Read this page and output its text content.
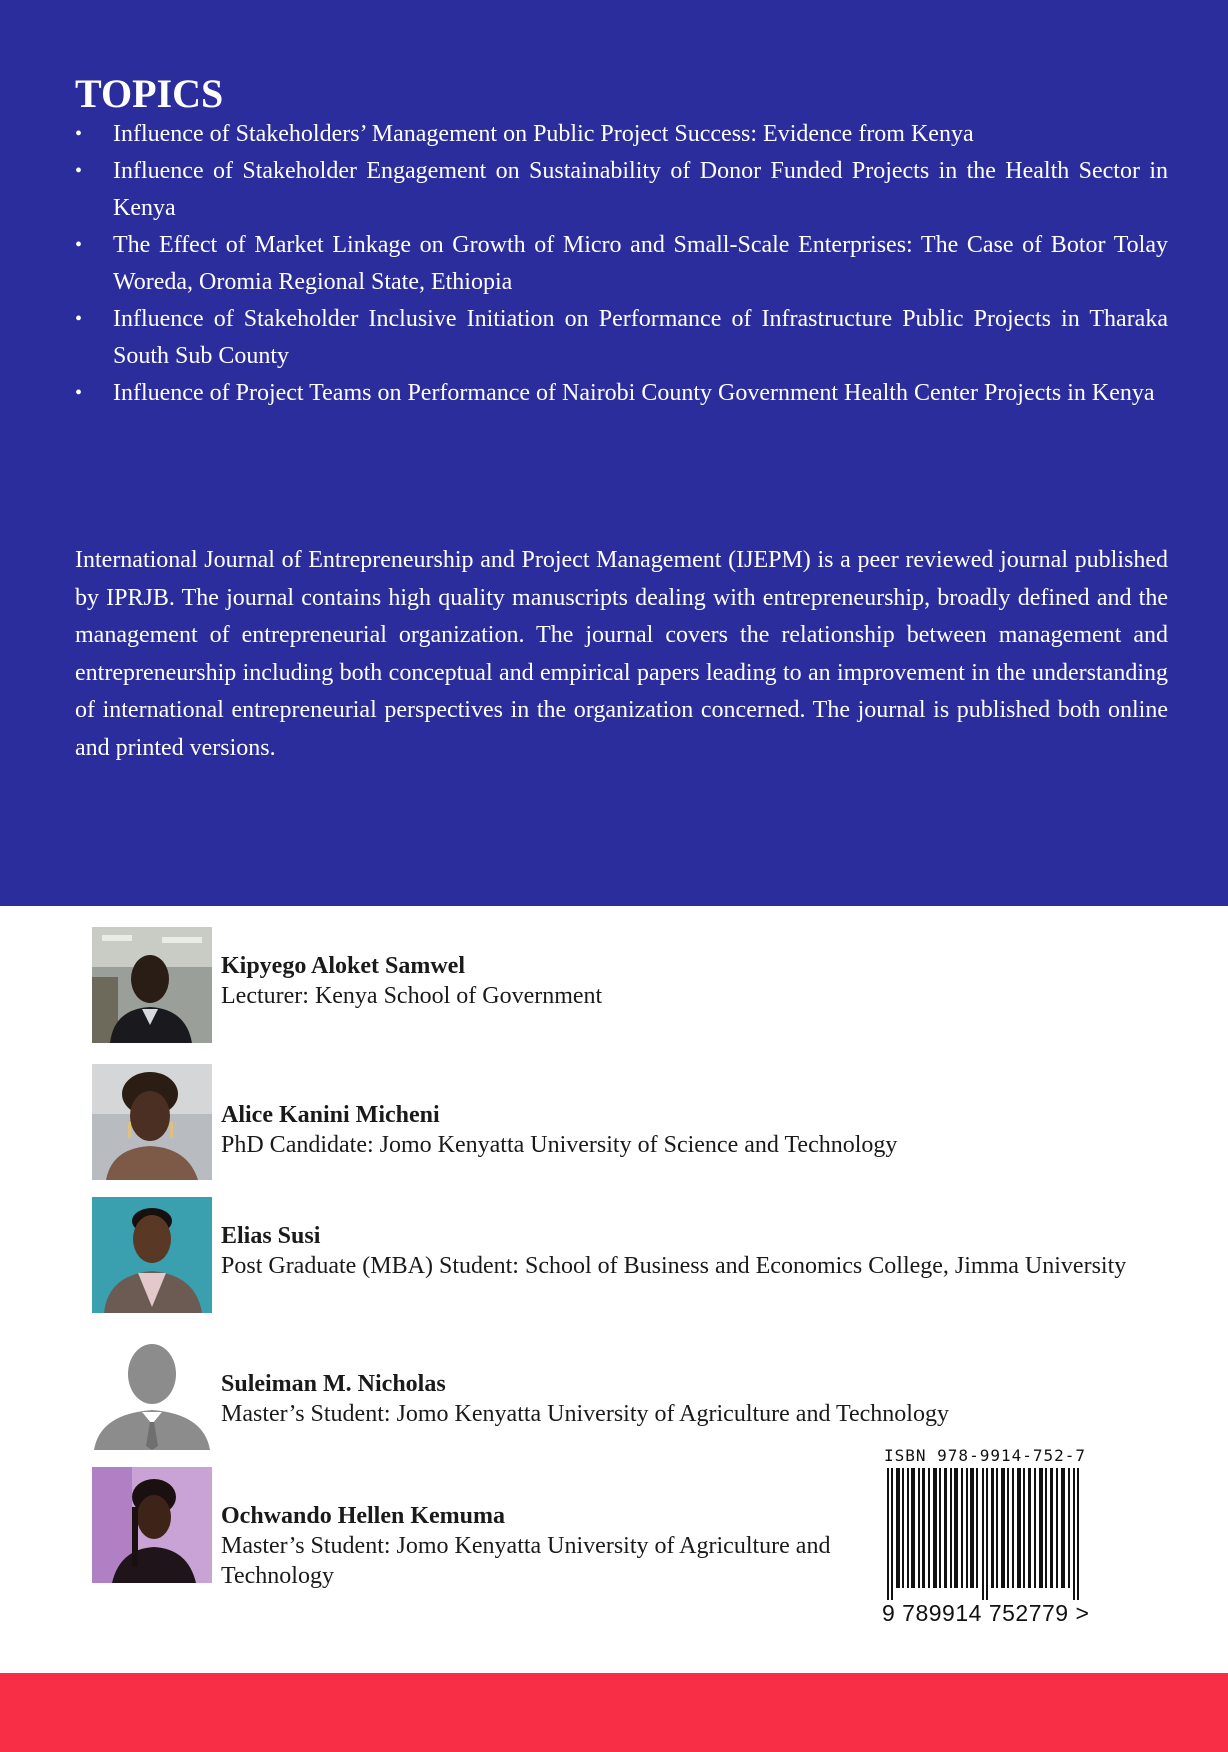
TOPICS
• Influence of Stakeholders’ Management on Public Project Success: Evidence from Kenya
• Influence of Stakeholder Engagement on Sustainability of Donor Funded Projects in the Health Sector in Kenya
• The Effect of Market Linkage on Growth of Micro and Small-Scale Enterprises: The Case of Botor Tolay Woreda, Oromia Regional State, Ethiopia
• Influence of Stakeholder Inclusive Initiation on Performance of Infrastructure Public Projects in Tharaka South Sub County
• Influence of Project Teams on Performance of Nairobi County Government Health Center Projects in Kenya

International Journal of Entrepreneurship and Project Management (IJEPM) is a peer reviewed journal published by IPRJB. The journal contains high quality manuscripts dealing with entrepreneurship, broadly defined and the management of entrepreneurial organization. The journal covers the relationship between management and entrepreneurship including both conceptual and empirical papers leading to an improvement in the understanding of international entrepreneurial perspectives in the organization concerned. The journal is published both online and printed versions.

Kipyego Aloket Samwel
Lecturer: Kenya School of Government
Alice Kanini Micheni
PhD Candidate: Jomo Kenyatta University of Science and Technology
Elias Susi
Post Graduate (MBA) Student: School of Business and Economics College, Jimma University
Suleiman M. Nicholas
Master’s Student: Jomo Kenyatta University of Agriculture and Technology
Ochwando Hellen Kemuma
Master’s Student: Jomo Kenyatta University of Agriculture and
Technology
ISBN 978-9914-752-7
9 789914 752779 >
